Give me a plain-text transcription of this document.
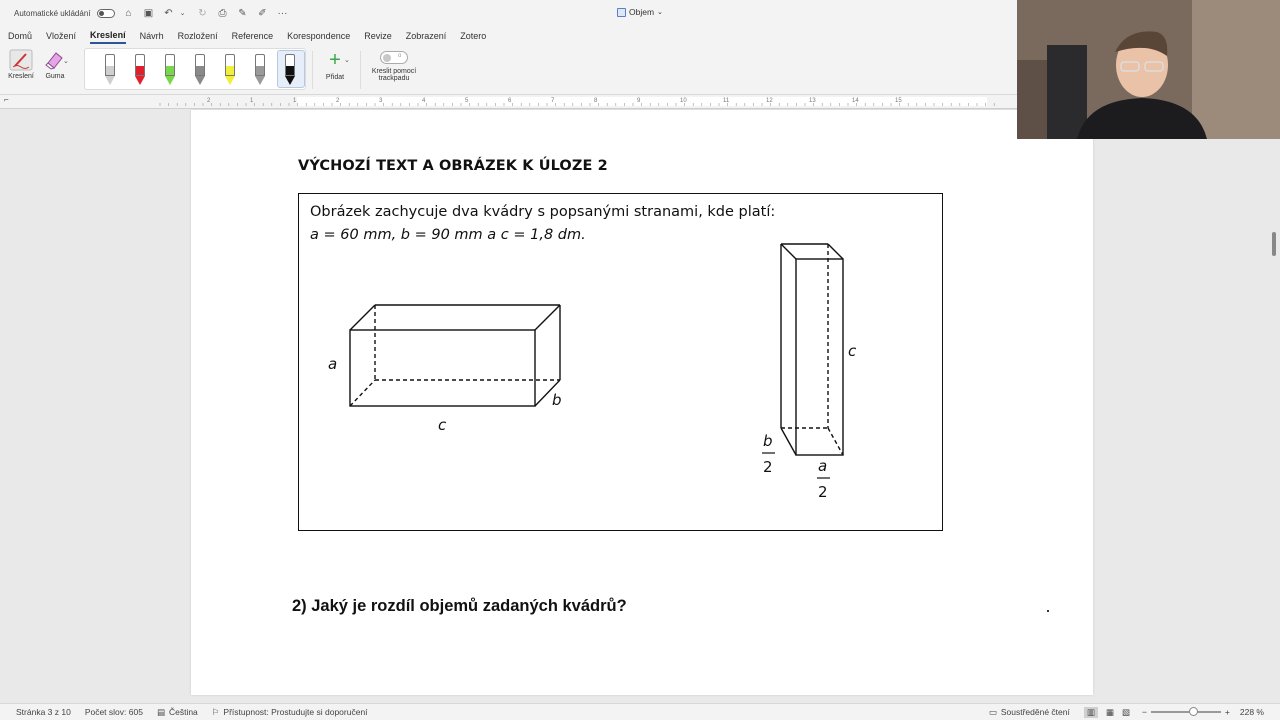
Automatické ukládání	⌂ ▣ ↶ ⌄	↻ ⎙ ✎ ✐ ···	Objem ⌄
Domů Vložení Kreslení Návrh Rozložení Reference Korespondence Revize Zobrazení Zotero
Kreslení	Guma
⌄	+
Přidat
⌄
o
Kreslit pomocí
trackpadu
⌐	2	1	1	2	3	4	5	6	7	8	9	10	11	12	13	14	15
VÝCHOZÍ TEXT A OBRÁZEK K ÚLOZE 2
Obrázek zachycuje dva kvádry s popsanými stranami, kde platí:
a = 60 mm, b = 90 mm a c = 1,8 dm.
a
b
c
c
b
a
2
2
2) Jaký je rozdíl objemů zadaných kvádrů?
Stránka 3 z 10 Počet slov: 605 ▤ Čeština ⚐ Přístupnost: Prostudujte si doporučení	▭ Soustředěné čtení	▥	▦ ▧ −	+ 228 %
